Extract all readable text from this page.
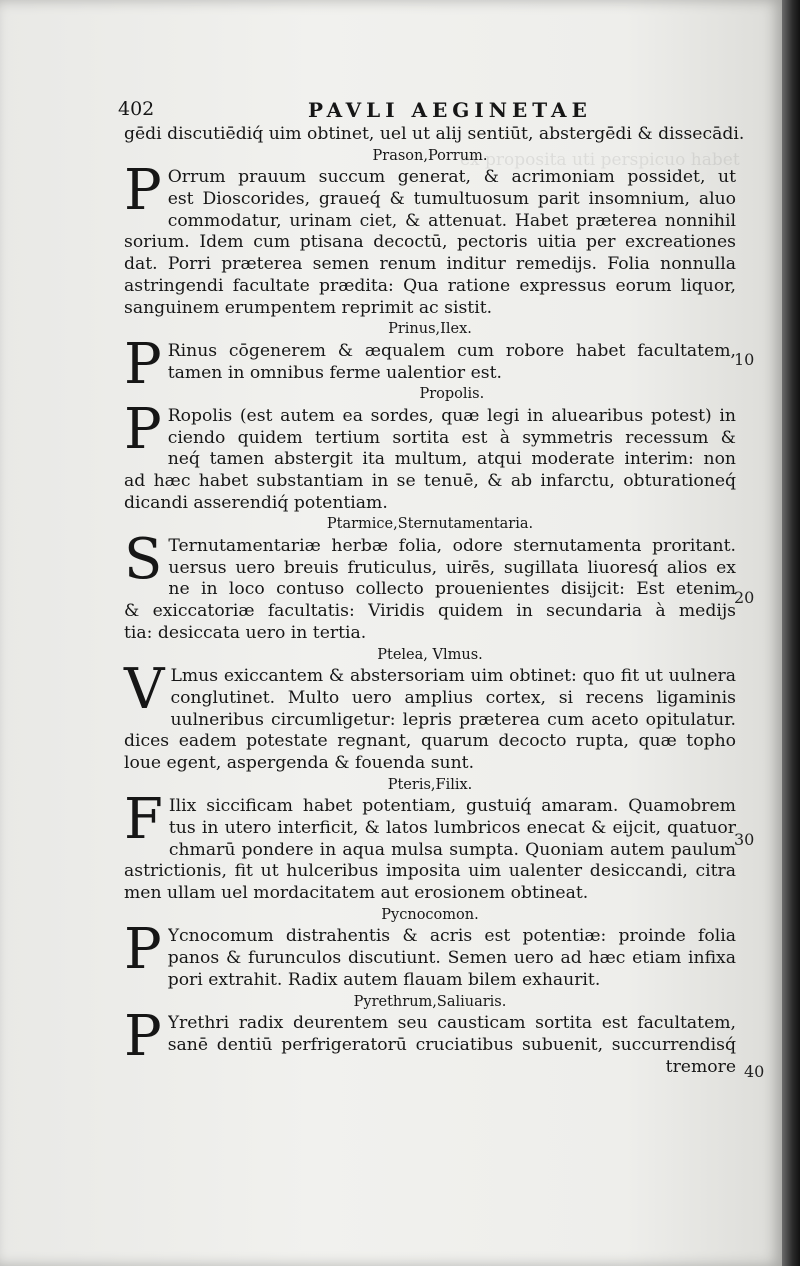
ex proposita uti perspicuo habet
402	PAVLI AEGINETAE
gēdi discutiēdiq́ uim obtinet, uel ut alij sentiūt, abstergēdi & dissecādi.
Prason,Porrum.
P Orrum prauum succum generat, & acrimoniam possidet, ut
est Dioscorides, graueq́ & tumultuosum parit insomnium, aluo
commodatur, urinam ciet, & attenuat. Habet præterea nonnihil
sorium. Idem cum ptisana decoctū, pectoris uitia per excreationes
dat. Porri præterea semen renum inditur remedijs. Folia nonnulla
astringendi facultate prædita: Qua ratione expressus eorum liquor,
sanguinem erumpentem reprimit ac sistit.
Prinus,Ilex.
P Rinus cōgenerem & æqualem cum robore habet facultatem,
tamen in omnibus ferme ualentior est.
Propolis.
P Ropolis (est autem ea sordes, quæ legi in aluearibus potest) in
ciendo quidem tertium sortita est à symmetris recessum &
neq́ tamen abstergit ita multum, atqui moderate interim: non
ad hæc habet substantiam in se tenuē, & ab infarctu, obturationeq́
dicandi asserendiq́ potentiam.
Ptarmice,Sternutamentaria.
S Ternutamentariæ herbæ folia, odore sternutamenta proritant.
uersus uero breuis fruticulus, uirēs, sugillata liuoresq́ alios ex
ne in loco contuso collecto prouenientes disijcit: Est etenim
& exiccatoriæ facultatis: Viridis quidem in secundaria à medijs
tia: desiccata uero in tertia.
Ptelea, Vlmus.
V Lmus exiccantem & abstersoriam uim obtinet: quo fit ut uulnera
conglutinet. Multo uero amplius cortex, si recens ligaminis
uulneribus circumligetur: lepris præterea cum aceto opitulatur.
dices eadem potestate regnant, quarum decocto rupta, quæ topho
loue egent, aspergenda & fouenda sunt.
Pteris,Filix.
F Ilix siccificam habet potentiam, gustuiq́ amaram. Quamobrem
tus in utero interficit, & latos lumbricos enecat & eijcit, quatuor
chmarū pondere in aqua mulsa sumpta. Quoniam autem paulum
astrictionis, fit ut hulceribus imposita uim ualenter desiccandi, citra
men ullam uel mordacitatem aut erosionem obtineat.
Pycnocomon.
P Ycnocomum distrahentis & acris est potentiæ: proinde folia
panos & furunculos discutiunt. Semen uero ad hæc etiam infixa
pori extrahit. Radix autem flauam bilem exhaurit.
Pyrethrum,Saliuaris.
P Yrethri radix deurentem seu causticam sortita est facultatem,
sanē dentiū perfrigeratorū cruciatibus subuenit, succurrendisq́
tremore
10
20
30
40
